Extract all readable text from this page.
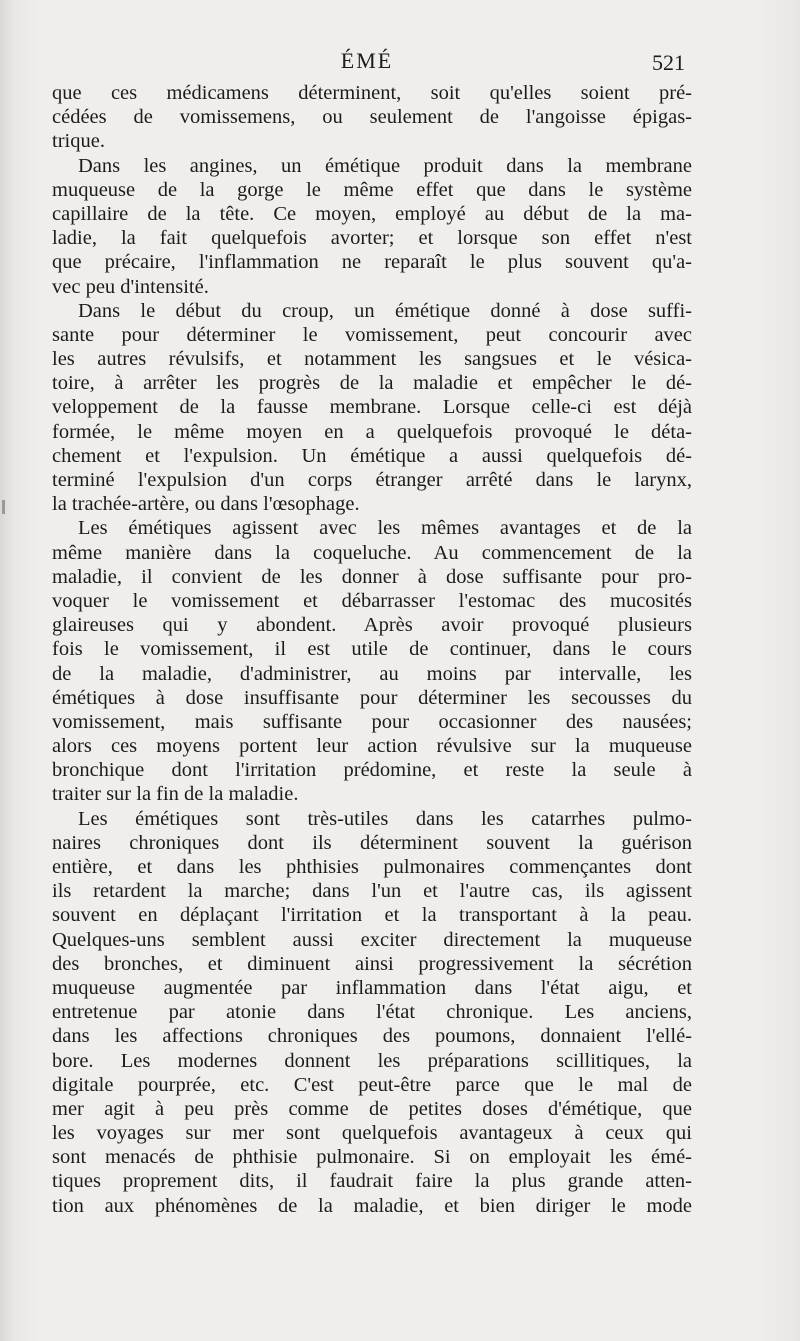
ÉMÉ	521
que ces médicamens déterminent, soit qu'elles soient pré-
cédées de vomissemens, ou seulement de l'angoisse épigas-
trique.
Dans les angines, un émétique produit dans la membrane
muqueuse de la gorge le même effet que dans le système
capillaire de la tête. Ce moyen, employé au début de la ma-
ladie, la fait quelquefois avorter; et lorsque son effet n'est
que précaire, l'inflammation ne reparaît le plus souvent qu'a-
vec peu d'intensité.
Dans le début du croup, un émétique donné à dose suffi-
sante pour déterminer le vomissement, peut concourir avec
les autres révulsifs, et notamment les sangsues et le vésica-
toire, à arrêter les progrès de la maladie et empêcher le dé-
veloppement de la fausse membrane. Lorsque celle-ci est déjà
formée, le même moyen en a quelquefois provoqué le déta-
chement et l'expulsion. Un émétique a aussi quelquefois dé-
terminé l'expulsion d'un corps étranger arrêté dans le larynx,
la trachée-artère, ou dans l'œsophage.
Les émétiques agissent avec les mêmes avantages et de la
même manière dans la coqueluche. Au commencement de la
maladie, il convient de les donner à dose suffisante pour pro-
voquer le vomissement et débarrasser l'estomac des mucosités
glaireuses qui y abondent. Après avoir provoqué plusieurs
fois le vomissement, il est utile de continuer, dans le cours
de la maladie, d'administrer, au moins par intervalle, les
émétiques à dose insuffisante pour déterminer les secousses du
vomissement, mais suffisante pour occasionner des nausées;
alors ces moyens portent leur action révulsive sur la muqueuse
bronchique dont l'irritation prédomine, et reste la seule à
traiter sur la fin de la maladie.
Les émétiques sont très-utiles dans les catarrhes pulmo-
naires chroniques dont ils déterminent souvent la guérison
entière, et dans les phthisies pulmonaires commençantes dont
ils retardent la marche; dans l'un et l'autre cas, ils agissent
souvent en déplaçant l'irritation et la transportant à la peau.
Quelques-uns semblent aussi exciter directement la muqueuse
des bronches, et diminuent ainsi progressivement la sécrétion
muqueuse augmentée par inflammation dans l'état aigu, et
entretenue par atonie dans l'état chronique. Les anciens,
dans les affections chroniques des poumons, donnaient l'ellé-
bore. Les modernes donnent les préparations scillitiques, la
digitale pourprée, etc. C'est peut-être parce que le mal de
mer agit à peu près comme de petites doses d'émétique, que
les voyages sur mer sont quelquefois avantageux à ceux qui
sont menacés de phthisie pulmonaire. Si on employait les émé-
tiques proprement dits, il faudrait faire la plus grande atten-
tion aux phénomènes de la maladie, et bien diriger le mode
